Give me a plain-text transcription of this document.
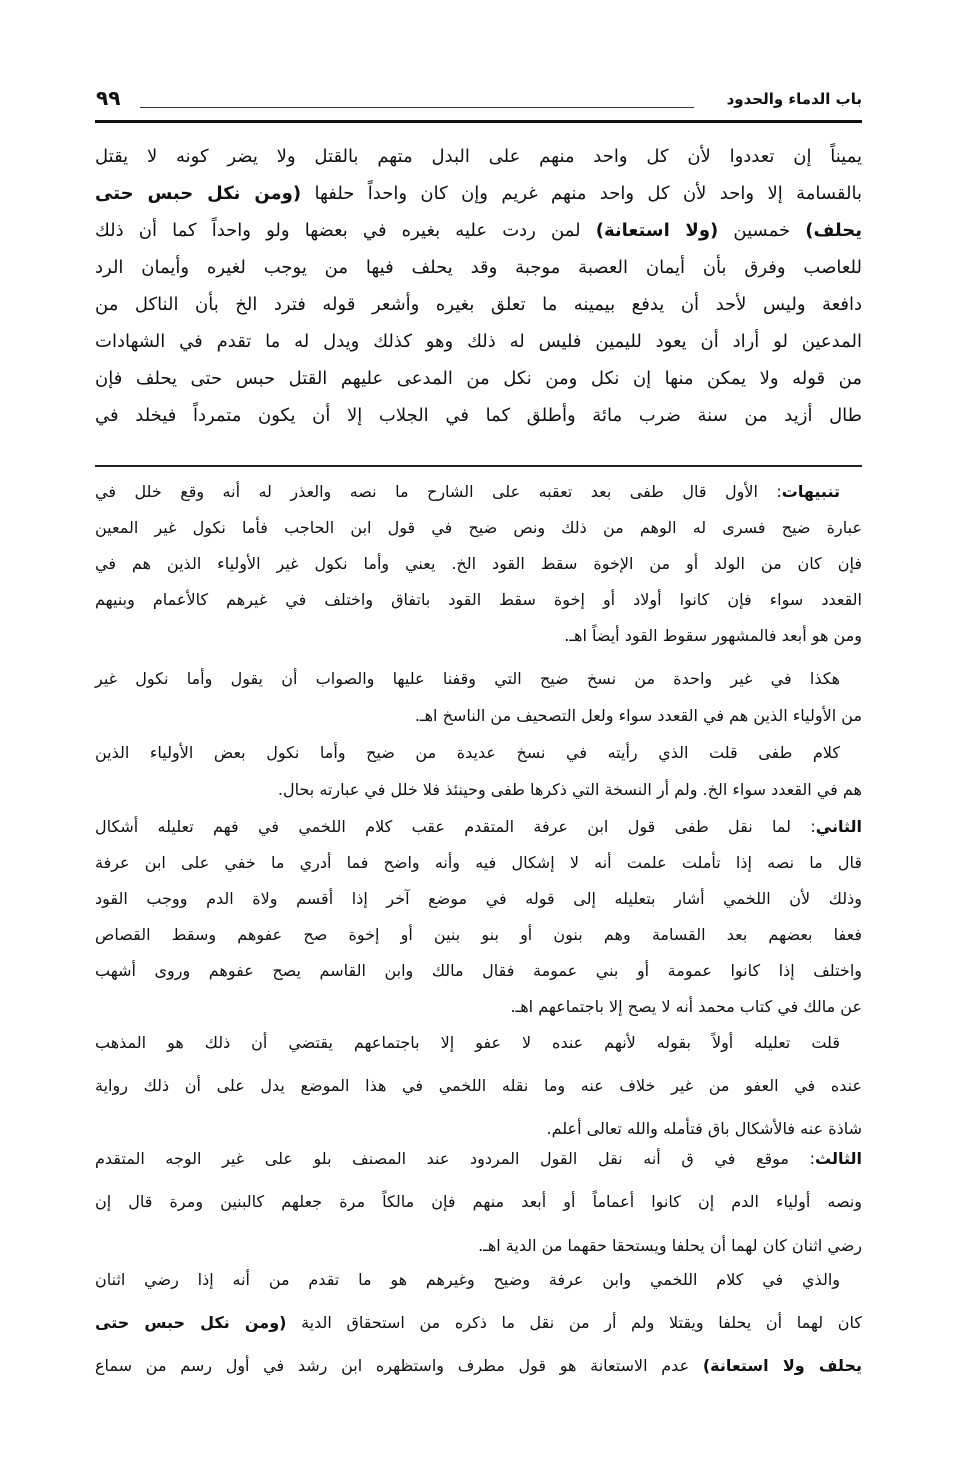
باب الدماء والحدود
٩٩
يميناً إن تعددوا لأن كل واحد منهم على البدل متهم بالقتل ولا يضر كونه لا يقتل
بالقسامة إلا واحد لأن كل واحد منهم غريم وإن كان واحداً حلفها (ومن نكل حبس حتى
يحلف) خمسين (ولا استعانة) لمن ردت عليه بغيره في بعضها ولو واحداً كما أن ذلك
للعاصب وفرق بأن أيمان العصبة موجبة وقد يحلف فيها من يوجب لغيره وأيمان الرد
دافعة وليس لأحد أن يدفع بيمينه ما تعلق بغيره وأشعر قوله فترد الخ بأن الناكل من
المدعين لو أراد أن يعود لليمين فليس له ذلك وهو كذلك ويدل له ما تقدم في الشهادات
من قوله ولا يمكن منها إن نكل ومن نكل من المدعى عليهم القتل حبس حتى يحلف فإن
طال أزيد من سنة ضرب مائة وأطلق كما في الجلاب إلا أن يكون متمرداً فيخلد في
تنبيهات: الأول قال طفى بعد تعقبه على الشارح ما نصه والعذر له أنه وقع خلل في
عبارة ضيح فسرى له الوهم من ذلك ونص ضيح في قول ابن الحاجب فأما نكول غير المعين
فإن كان من الولد أو من الإخوة سقط القود الخ. يعني وأما نكول غير الأولياء الذين هم في
القعدد سواء فإن كانوا أولاد أو إخوة سقط القود باتفاق واختلف في غيرهم كالأعمام وبنيهم
ومن هو أبعد فالمشهور سقوط القود أيضاً اهـ.
هكذا في غير واحدة من نسخ ضيح التي وقفنا عليها والصواب أن يقول وأما نكول غير
من الأولياء الذين هم في القعدد سواء ولعل التصحيف من الناسخ اهـ.
كلام طفى قلت الذي رأيته في نسخ عديدة من ضيح وأما نكول بعض الأولياء الذين
هم في القعدد سواء الخ. ولم أر النسخة التي ذكرها طفى وحينئذ فلا خلل في عبارته بحال.
الثاني: لما نقل طفى قول ابن عرفة المتقدم عقب كلام اللخمي في فهم تعليله أشكال
قال ما نصه إذا تأملت علمت أنه لا إشكال فيه وأنه واضح فما أدري ما خفي على ابن عرفة
وذلك لأن اللخمي أشار بتعليله إلى قوله في موضع آخر إذا أقسم ولاة الدم ووجب القود
فعفا بعضهم بعد القسامة وهم بنون أو بنو بنين أو إخوة صح عفوهم وسقط القصاص
واختلف إذا كانوا عمومة أو بني عمومة فقال مالك وابن القاسم يصح عفوهم وروى أشهب
عن مالك في كتاب محمد أنه لا يصح إلا باجتماعهم اهـ.
قلت تعليله أولاً بقوله لأنهم عنده لا عفو إلا باجتماعهم يقتضي أن ذلك هو المذهب
عنده في العفو من غير خلاف عنه وما نقله اللخمي في هذا الموضع يدل على أن ذلك رواية
شاذة عنه فالأشكال باق فتأمله والله تعالى أعلم.
الثالث: موقع في ق أنه نقل القول المردود عند المصنف بلو على غير الوجه المتقدم
ونصه أولياء الدم إن كانوا أعماماً أو أبعد منهم فإن مالكاً مرة جعلهم كالبنين ومرة قال إن
رضي اثنان كان لهما أن يحلفا ويستحقا حقهما من الدية اهـ.
والذي في كلام اللخمي وابن عرفة وضيح وغيرهم هو ما تقدم من أنه إذا رضي اثنان
كان لهما أن يحلفا ويقتلا ولم أر من نقل ما ذكره من استحقاق الدية (ومن نكل حبس حتى
يحلف ولا استعانة) عدم الاستعانة هو قول مطرف واستظهره ابن رشد في أول رسم من سماع
